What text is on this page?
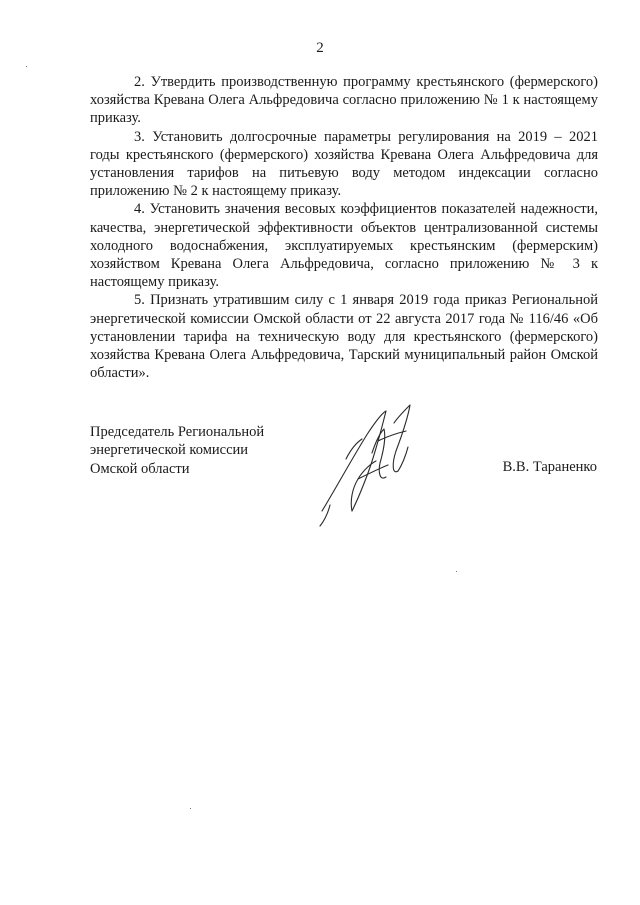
2

2. Утвердить производственную программу крестьянского (фермерского) хозяйства Кревана Олега Альфредовича согласно приложению № 1 к настоящему приказу.

3. Установить долгосрочные параметры регулирования на 2019 – 2021 годы крестьянского (фермерского) хозяйства Кревана Олега Альфредовича для установления тарифов на питьевую воду методом индексации согласно приложению № 2 к настоящему приказу.

4. Установить значения весовых коэффициентов показателей надежности, качества, энергетической эффективности объектов централизованной системы холодного водоснабжения, эксплуатируемых крестьянским (фермерским) хозяйством Кревана Олега Альфредовича, согласно приложению № 3 к настоящему приказу.

5. Признать утратившим силу с 1 января 2019 года приказ Региональной энергетической комиссии Омской области от 22 августа 2017 года № 116/46 «Об установлении тарифа на техническую воду для крестьянского (фермерского) хозяйства Кревана Олега Альфредовича, Тарский муниципальный район Омской области».

Председатель Региональной
энергетической комиссии
Омской области	В.В. Тараненко
